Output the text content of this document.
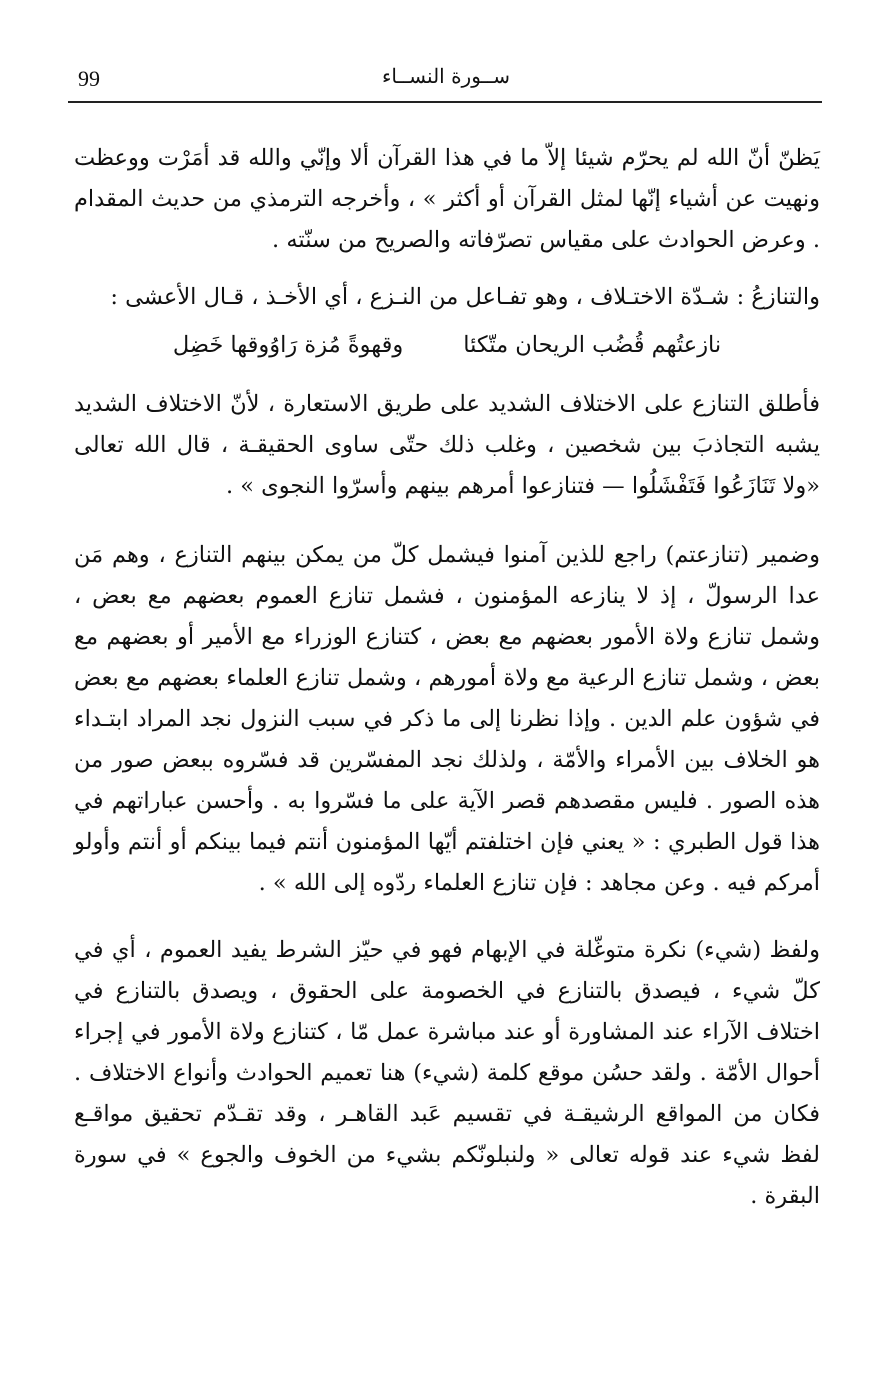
99	ســورة النســاء

يَظنّ أنّ الله لم يحرّم شيئا إلاّ ما في هذا القرآن ألا وإنّي والله قد أمَرْت ووعظت ونهيت عن أشياء إنّها لمثل القرآن أو أكثر » ، وأخرجه الترمذي من حديث المقدام . وعرض الحوادث على مقياس تصرّفاته والصريح من سنّته .

والتنازعُ : شـدّة الاختـلاف ، وهو تفـاعل من النـزع ، أي الأخـذ ، قـال الأعشى :

نازعتُهم قُضُب الريحان متّكئا
وقهوةً مُزة رَاوُوقها خَضِل

فأطلق التنازع على الاختلاف الشديد على طريق الاستعارة ، لأنّ الاختلاف الشديد يشبه التجاذبَ بين شخصين ، وغلب ذلك حتّى ساوى الحقيقـة ، قال الله تعالى «ولا تَنَازَعُوا فَتَفْشَلُوا — فتنازعوا أمرهم بينهم وأسرّوا النجوى » .

وضمير (تنازعتم) راجع للذين آمنوا فيشمل كلّ من يمكن بينهم التنازع ، وهم مَن عدا الرسولّ ، إذ لا ينازعه المؤمنون ، فشمل تنازع العموم بعضهم مع بعض ، وشمل تنازع ولاة الأمور بعضهم مع بعض ، كتنازع الوزراء مع الأمير أو بعضهم مع بعض ، وشمل تنازع الرعية مع ولاة أمورهم ، وشمل تنازع العلماء بعضهم مع بعض في شؤون علم الدين . وإذا نظرنا إلى ما ذكر في سبب النزول نجد المراد ابتـداء هو الخلاف بين الأمراء والأمّة ، ولذلك نجد المفسّرين قد فسّروه ببعض صور من هذه الصور . فليس مقصدهم قصر الآية على ما فسّروا به . وأحسن عباراتهم في هذا قول الطبري : « يعني فإن اختلفتم أيّها المؤمنون أنتم فيما بينكم أو أنتم وأولو أمركم فيه . وعن مجاهد : فإن تنازع العلماء ردّوه إلى الله » .

ولفظ (شيء) نكرة متوغّلة في الإبهام فهو في حيّز الشرط يفيد العموم ، أي في كلّ شيء ، فيصدق بالتنازع في الخصومة على الحقوق ، ويصدق بالتنازع في اختلاف الآراء عند المشاورة أو عند مباشرة عمل مّا ، كتنازع ولاة الأمور في إجراء أحوال الأمّة . ولقد حسُن موقع كلمة (شيء) هنا تعميم الحوادث وأنواع الاختلاف . فكان من المواقع الرشيقـة في تقسيم عَبد القاهـر ، وقد تقـدّم تحقيق مواقـع لفظ شيء عند قوله تعالى « ولنبلونّكم بشيء من الخوف والجوع » في سورة البقرة .
